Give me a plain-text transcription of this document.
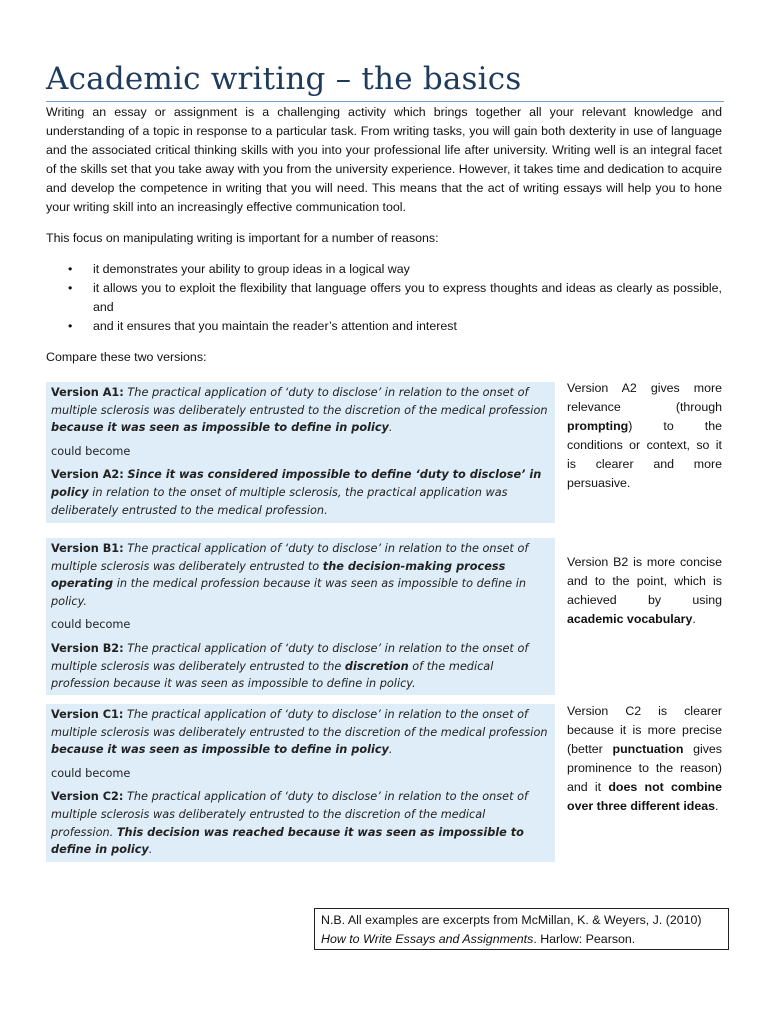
Academic writing – the basics

Writing an essay or assignment is a challenging activity which brings together all your relevant knowledge and understanding of a topic in response to a particular task. From writing tasks, you will gain both dexterity in use of language and the associated critical thinking skills with you into your professional life after university. Writing well is an integral facet of the skills set that you take away with you from the university experience. However, it takes time and dedication to acquire and develop the competence in writing that you will need. This means that the act of writing essays will help you to hone your writing skill into an increasingly effective communication tool.

This focus on manipulating writing is important for a number of reasons:

• it demonstrates your ability to group ideas in a logical way
• it allows you to exploit the flexibility that language offers you to express thoughts and ideas as clearly as possible, and
• and it ensures that you maintain the reader’s attention and interest

Compare these two versions:

Version A1: The practical application of ‘duty to disclose’ in relation to the onset of multiple sclerosis was deliberately entrusted to the discretion of the medical profession because it was seen as impossible to define in policy.

could become

Version A2: Since it was considered impossible to define ‘duty to disclose’ in policy in relation to the onset of multiple sclerosis, the practical application was deliberately entrusted to the medical profession.

Version A2 gives more relevance (through prompting) to the conditions or context, so it is clearer and more persuasive.

Version B1: The practical application of ‘duty to disclose’ in relation to the onset of multiple sclerosis was deliberately entrusted to the decision-making process operating in the medical profession because it was seen as impossible to define in policy.

could become

Version B2: The practical application of ‘duty to disclose’ in relation to the onset of multiple sclerosis was deliberately entrusted to the discretion of the medical profession because it was seen as impossible to define in policy.

Version B2 is more concise and to the point, which is achieved by using academic vocabulary.

Version C1: The practical application of ‘duty to disclose’ in relation to the onset of multiple sclerosis was deliberately entrusted to the discretion of the medical profession because it was seen as impossible to define in policy.

could become

Version C2: The practical application of ‘duty to disclose’ in relation to the onset of multiple sclerosis was deliberately entrusted to the discretion of the medical profession. This decision was reached because it was seen as impossible to define in policy.

Version C2 is clearer because it is more precise (better punctuation gives prominence to the reason) and it does not combine over three different ideas.
N.B. All examples are excerpts from McMillan, K. & Weyers, J. (2010)
How to Write Essays and Assignments. Harlow: Pearson.
